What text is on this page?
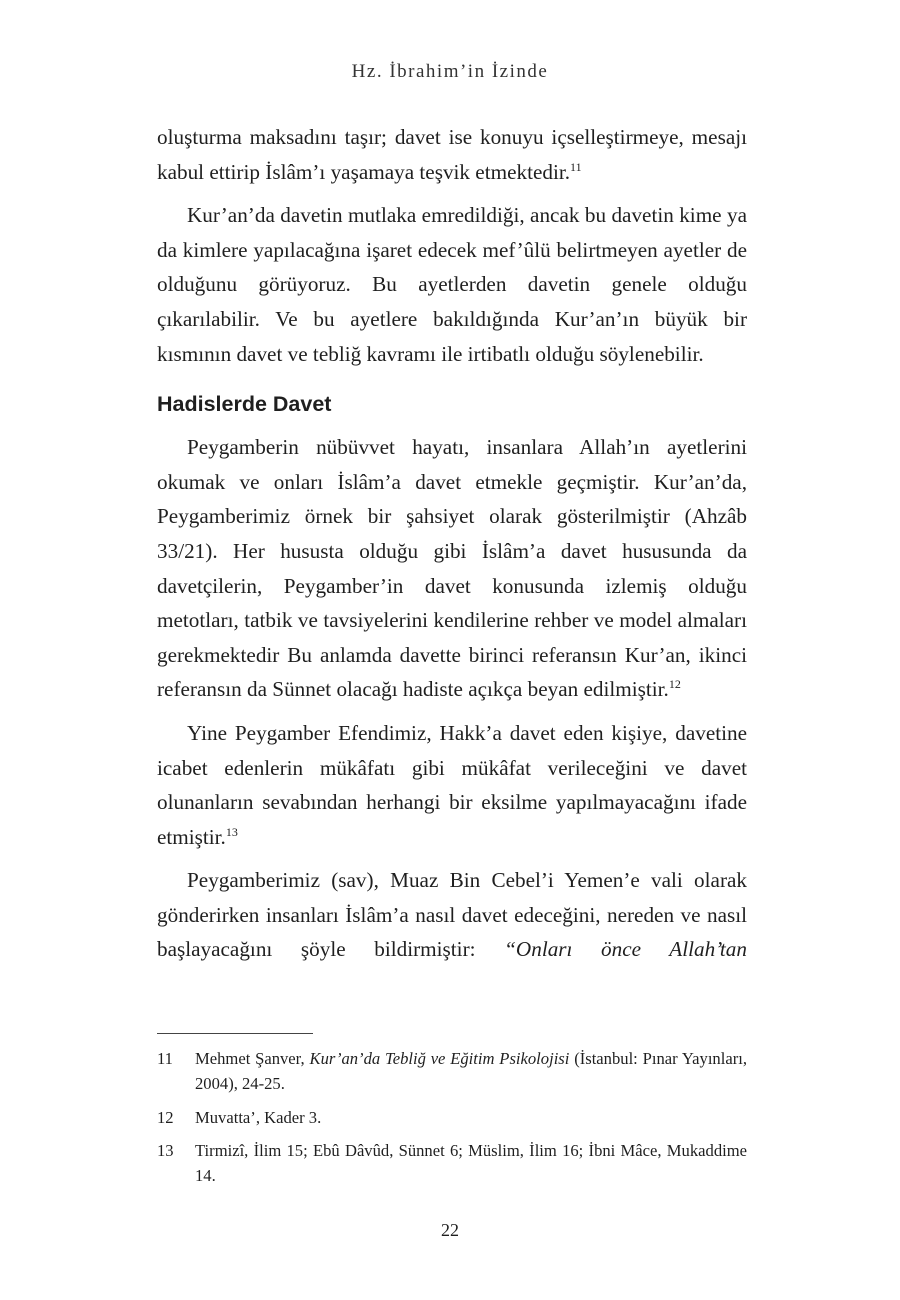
Hz. İbrahim’in İzinde

oluşturma maksadını taşır; davet ise konuyu içselleştirmeye, mesajı kabul ettirip İslâm’ı yaşamaya teşvik etmektedir.$^{11}$

Kur’an’da davetin mutlaka emredildiği, ancak bu davetin kime ya da kimlere yapılacağına işaret edecek mef’ûlü belirtmeyen ayetler de olduğunu görüyoruz. Bu ayetlerden davetin genele olduğu çıkarılabilir. Ve bu ayetlere bakıldığında Kur’an’ın büyük bir kısmının davet ve tebliğ kavramı ile irtibatlı olduğu söylenebilir.

Hadislerde Davet

Peygamberin nübüvvet hayatı, insanlara Allah’ın ayetlerini okumak ve onları İslâm’a davet etmekle geçmiştir. Kur’an’da, Peygamberimiz örnek bir şahsiyet olarak gösterilmiştir (Ahzâb 33/21). Her hususta olduğu gibi İslâm’a davet hususunda da davetçilerin, Peygamber’in davet konusunda izlemiş olduğu metotları, tatbik ve tavsiyelerini kendilerine rehber ve model almaları gerekmektedir Bu anlamda davette birinci referansın Kur’an, ikinci referansın da Sünnet olacağı hadiste açıkça beyan edilmiştir.$^{12}$

Yine Peygamber Efendimiz, Hakk’a davet eden kişiye, davetine icabet edenlerin mükâfatı gibi mükâfat verileceğini ve davet olunanların sevabından herhangi bir eksilme yapılmayacağını ifade etmiştir.$^{13}$

Peygamberimiz (sav), Muaz Bin Cebel’i Yemen’e vali olarak gönderirken insanları İslâm’a nasıl davet edeceğini, nereden ve nasıl başlayacağını şöyle bildirmiştir: “Onları önce Allah’tan

11	Mehmet Şanver, Kur’an’da Tebliğ ve Eğitim Psikolojisi (İstanbul: Pınar Yayınları, 2004), 24-25.
12	Muvatta’, Kader 3.
13	Tirmizî, İlim 15; Ebû Dâvûd, Sünnet 6; Müslim, İlim 16; İbni Mâce, Mukaddime 14.
22
